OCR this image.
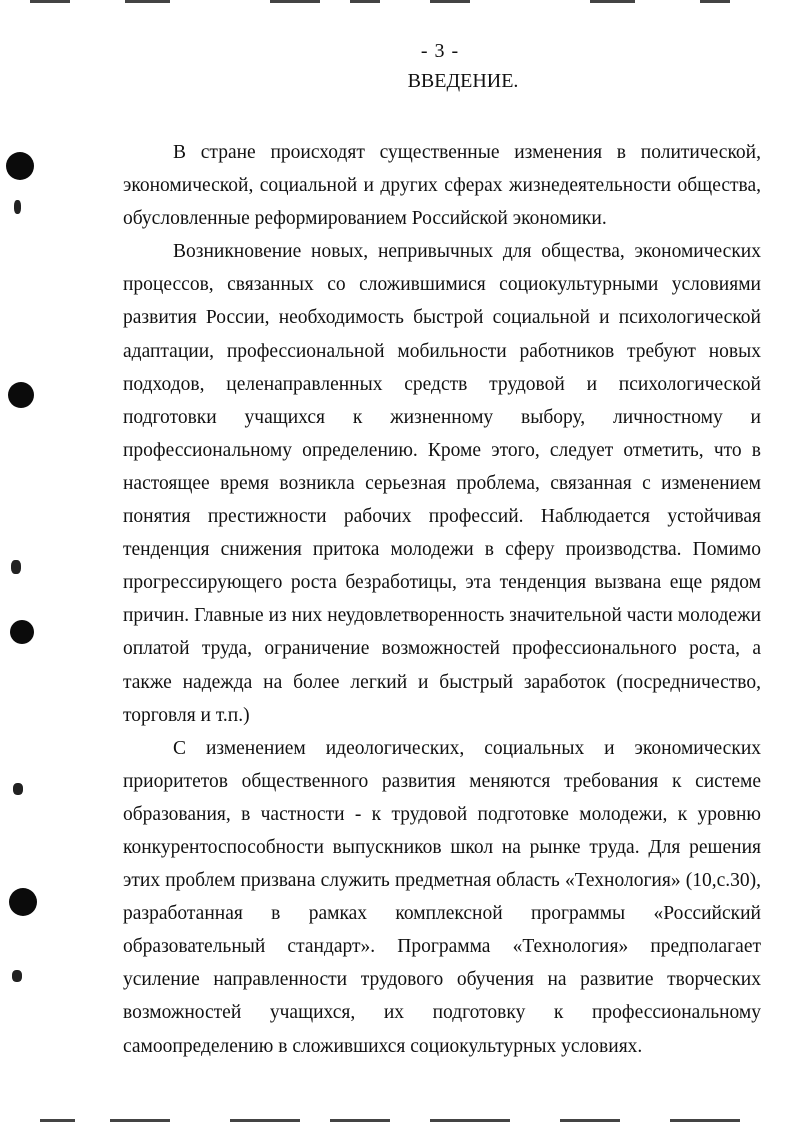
- 3 -
ВВЕДЕНИЕ.

В стране происходят существенные изменения в политической, экономической, социальной и других сферах жизнедеятельности общества, обусловленные реформированием Российской экономики.

Возникновение новых, непривычных для общества, экономических процессов, связанных со сложившимися социокультурными условиями развития России, необходимость быстрой социальной и психологической адаптации, профессиональной мобильности работников требуют новых подходов, целенаправленных средств трудовой и психологической подготовки учащихся к жизненному выбору, личностному и профессиональному определению. Кроме этого, следует отметить, что в настоящее время возникла серьезная проблема, связанная с изменением понятия престижности рабочих профессий. Наблюдается устойчивая тенденция снижения притока молодежи в сферу производства. Помимо прогрессирующего роста безработицы, эта тенденция вызвана еще рядом причин. Главные из них неудовлетворенность значительной части молодежи оплатой труда, ограничение возможностей профессионального роста, а также надежда на более легкий и быстрый заработок (посредничество, торговля и т.п.)

С изменением идеологических, социальных и экономических приоритетов общественного развития меняются требования к системе образования, в частности - к трудовой подготовке молодежи, к уровню конкурентоспособности выпускников школ на рынке труда. Для решения этих проблем призвана служить предметная область «Технология» (10,с.30), разработанная в рамках комплексной программы «Российский образовательный стандарт». Программа «Технология» предполагает усиление направленности трудового обучения на развитие творческих возможностей учащихся, их подготовку к профессиональному самоопределению в сложившихся социокультурных условиях.
